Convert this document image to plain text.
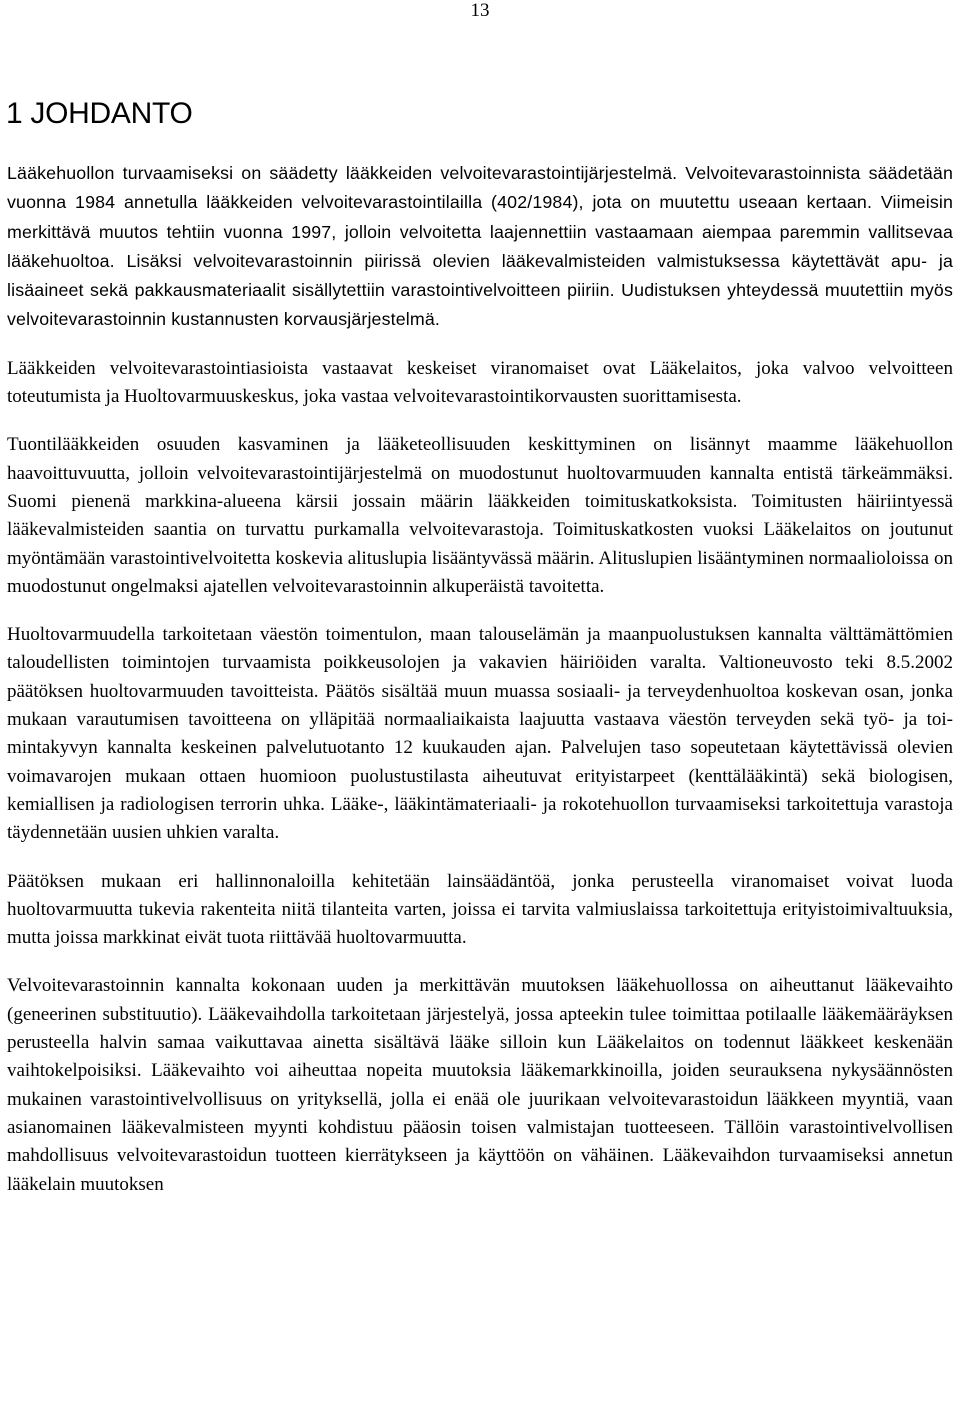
13
1 JOHDANTO

Lääkehuollon turvaamiseksi on säädetty lääkkeiden velvoitevarastointijärjestelmä. Velvoitevarastoinnista säädetään vuonna 1984 annetulla lääkkeiden velvoitevarastointilailla (402/1984), jota on muutettu useaan kertaan. Viimeisin merkittävä muutos tehtiin vuonna 1997, jolloin velvoitetta laajennettiin vastaamaan aiempaa paremmin vallitsevaa lääkehuoltoa. Lisäksi velvoitevarastoinnin piirissä olevien lääkevalmisteiden valmistuksessa käytettävät apu- ja lisäaineet sekä pakkausmateriaalit sisällytettiin varastointivelvoitteen piiriin. Uudistuksen yhteydessä muutettiin myös velvoitevarastoinnin kustannusten korvausjärjestelmä.

Lääkkeiden velvoitevarastointiasioista vastaavat keskeiset viranomaiset ovat Lääkelaitos, joka valvoo velvoitteen toteutumista ja Huoltovarmuuskeskus, joka vastaa velvoitevarastointikorvausten suorittamisesta.

Tuontilääkkeiden osuuden kasvaminen ja lääketeollisuuden keskittyminen on lisännyt maamme lääkehuollon haavoittuvuutta, jolloin velvoitevarastointijärjestelmä on muodostunut huoltovarmuuden kannalta entistä tärkeämmäksi. Suomi pienenä markkina-alueena kärsii jossain määrin lääkkeiden toimituskatkoksista. Toimitusten häiriintyessä lääkevalmisteiden saantia on turvattu purkamalla velvoitevarastoja. Toimituskatkosten vuoksi Lääkelaitos on joutunut myöntämään varastointivelvoitetta koskevia alituslupia lisääntyvässä määrin. Alituslupien lisääntyminen normaalioloissa on muodostunut ongelmaksi ajatellen velvoitevarastoinnin alkuperäistä tavoitetta.

Huoltovarmuudella tarkoitetaan väestön toimentulon, maan talouselämän ja maanpuolustuksen kannalta välttämättömien taloudellisten toimintojen turvaamista poikkeusolojen ja vakavien häiriöiden varalta. Valtioneuvosto teki 8.5.2002 päätöksen huoltovarmuuden tavoitteista. Päätös sisältää muun muassa sosiaali- ja terveydenhuoltoa koskevan osan, jonka mukaan varautumisen tavoitteena on ylläpitää normaaliaikaista laajuutta vastaava väestön terveyden sekä työ- ja toimintakyvyn kannalta keskeinen palvelutuotanto 12 kuukauden ajan. Palvelujen taso sopeutetaan käytettävissä olevien voimavarojen mukaan ottaen huomioon puolustustilasta aiheutuvat erityistarpeet (kenttälääkintä) sekä biologisen, kemiallisen ja radiologisen terrorin uhka. Lääke-, lääkintämateriaali- ja rokotehuollon turvaamiseksi tarkoitettuja varastoja täydennetään uusien uhkien varalta.

Päätöksen mukaan eri hallinnonaloilla kehitetään lainsäädäntöä, jonka perusteella viranomaiset voivat luoda huoltovarmuutta tukevia rakenteita niitä tilanteita varten, joissa ei tarvita valmiuslaissa tarkoitettuja erityistoimivaltuuksia, mutta joissa markkinat eivät tuota riittävää huoltovarmuutta.

Velvoitevarastoinnin kannalta kokonaan uuden ja merkittävän muutoksen lääkehuollossa on aiheuttanut lääkevaihto (geneerinen substituutio). Lääkevaihdolla tarkoitetaan järjestelyä, jossa apteekin tulee toimittaa potilaalle lääkemääräyksen perusteella halvin samaa vaikuttavaa ainetta sisältävä lääke silloin kun Lääkelaitos on todennut lääkkeet keskenään vaihtokelpoisiksi. Lääkevaihto voi aiheuttaa nopeita muutoksia lääkemarkkinoilla, joiden seurauksena nykysäännösten mukainen varastointivelvollisuus on yrityksellä, jolla ei enää ole juurikaan velvoitevarastoidun lääkkeen myyntiä, vaan asianomainen lääkevalmisteen myynti kohdistuu pääosin toisen valmistajan tuotteeseen. Tällöin varastointivelvollisen mahdollisuus velvoitevarastoidun tuotteen kierrätykseen ja käyttöön on vähäinen. Lääkevaihdon turvaamiseksi annetun lääkelain muutoksen
